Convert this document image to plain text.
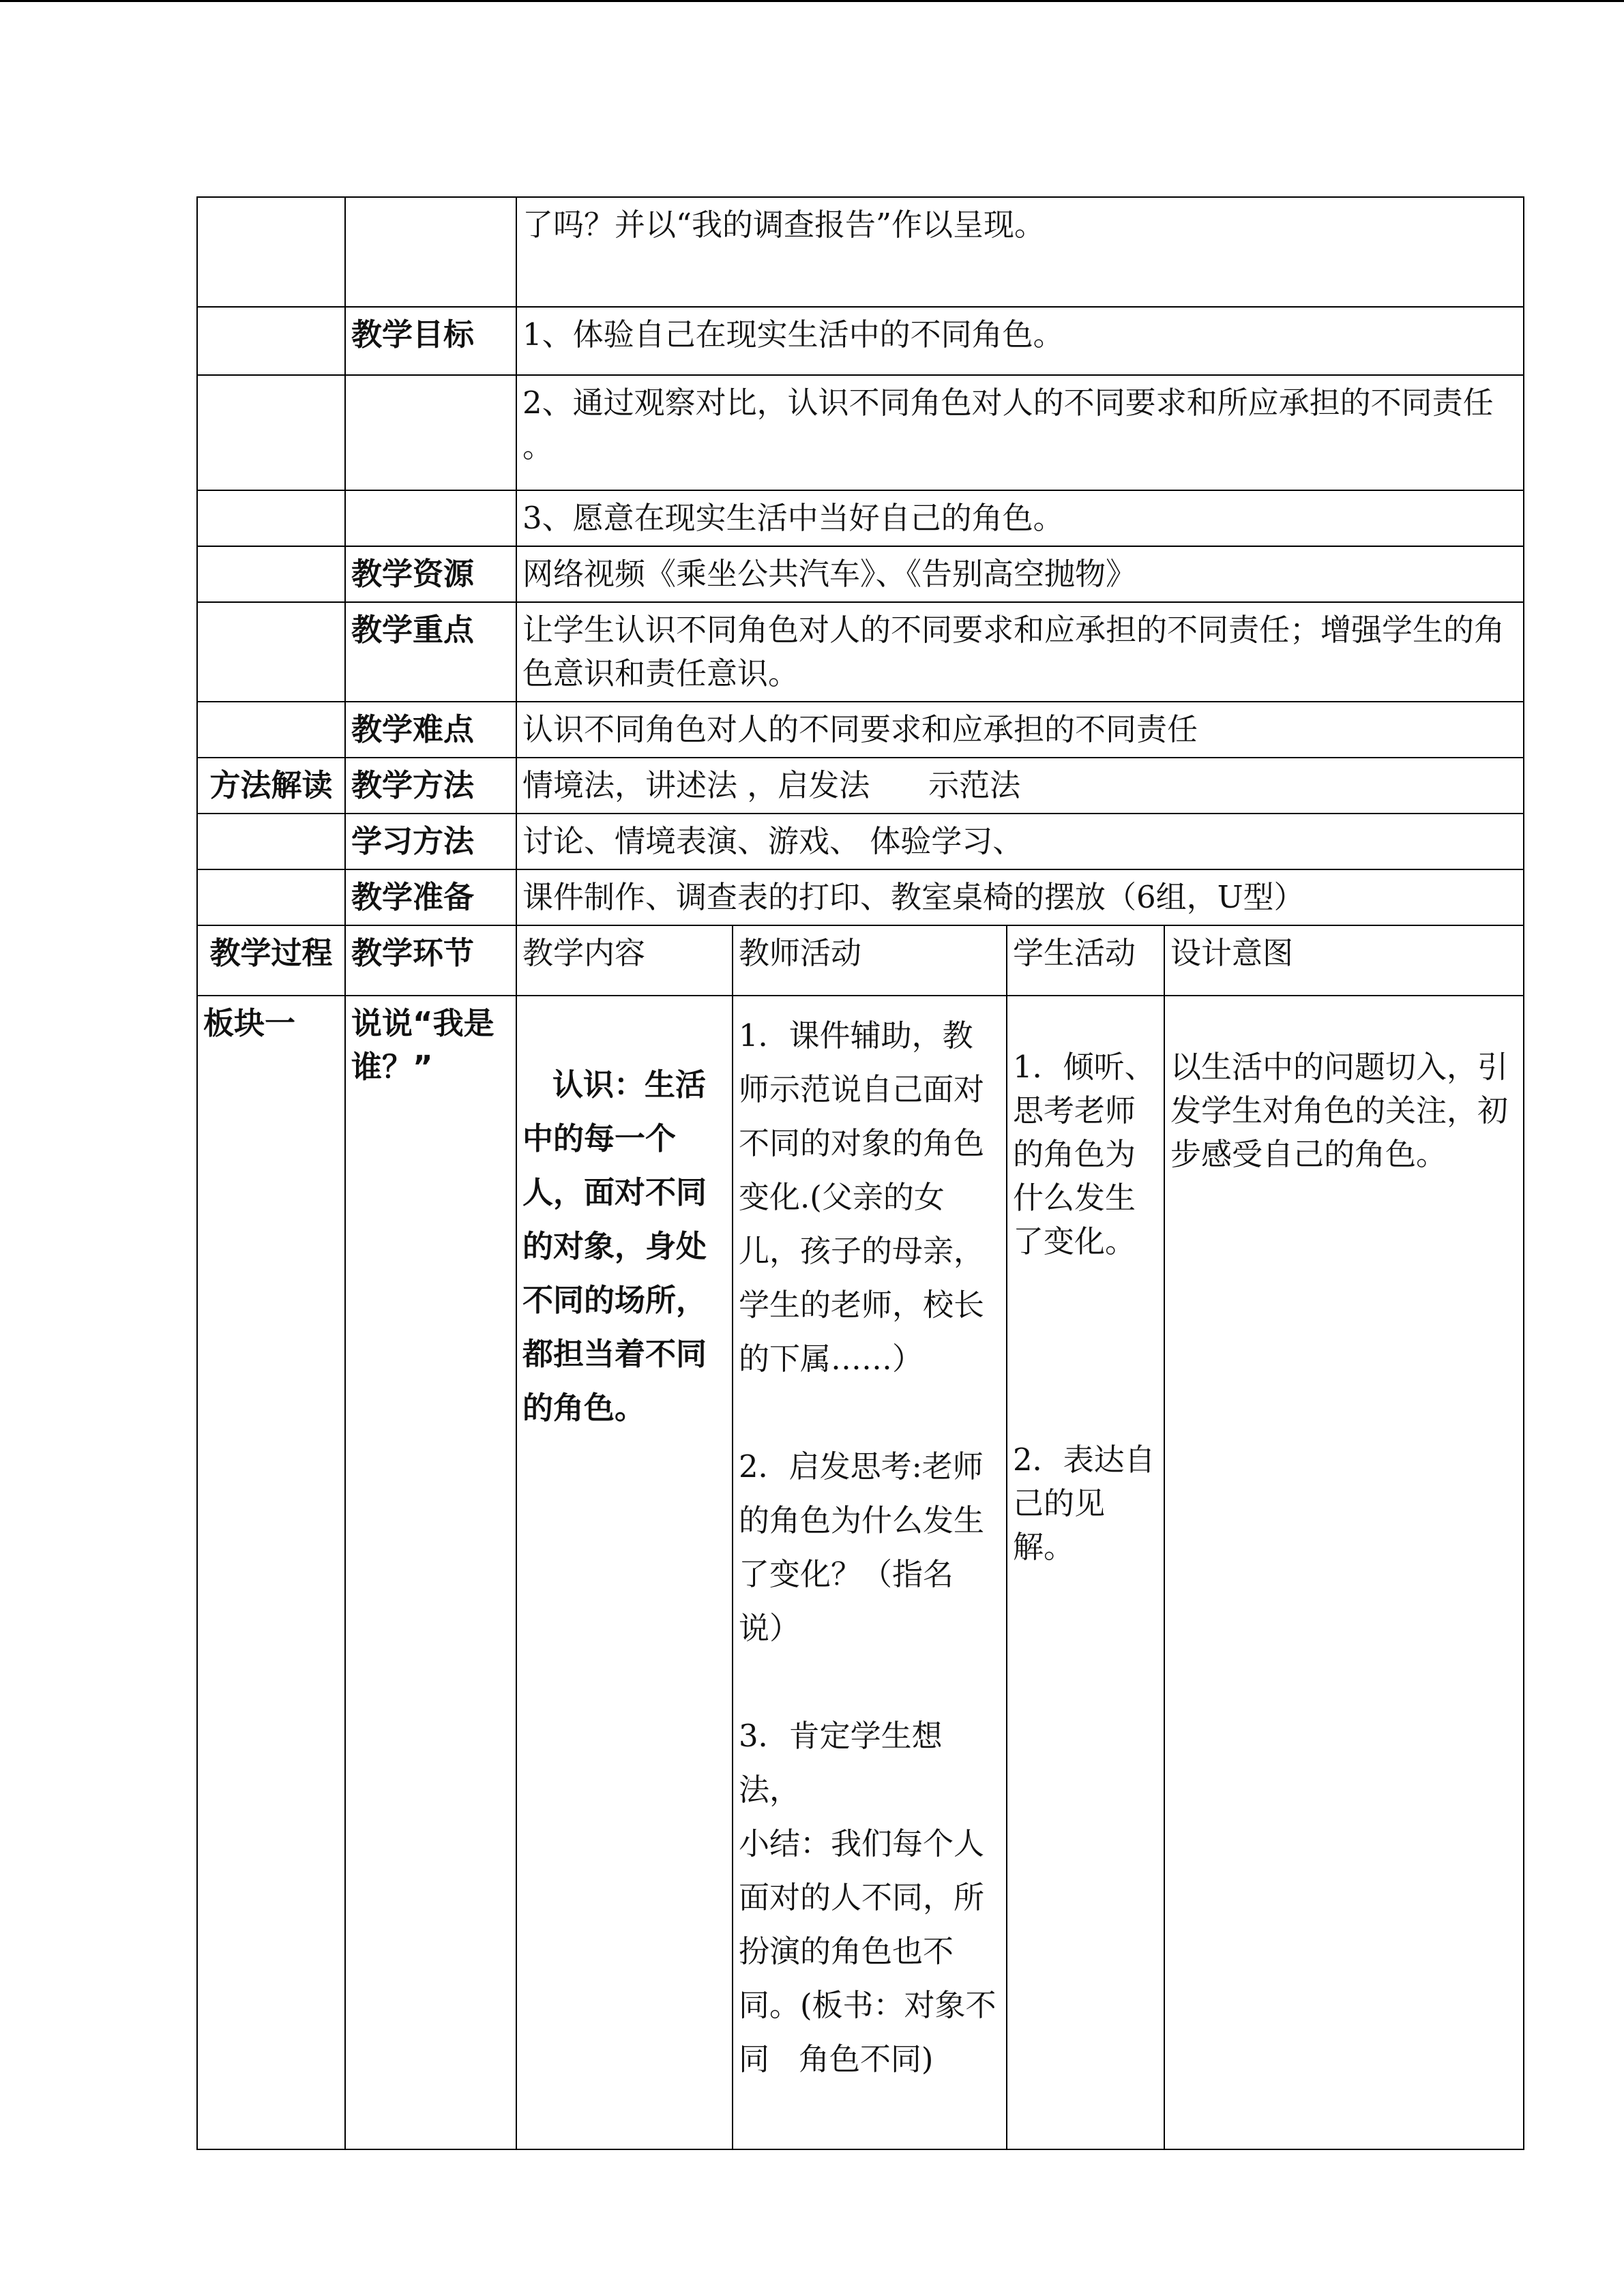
		了吗？并以“我的调查报告”作以呈现。			
	教学目标	1、体验自己在现实生活中的不同角色。			
		2、通过观察对比，认识不同角色对人的不同要求和所应承担的不同责任 。			
		3、愿意在现实生活中当好自己的角色。			
	教学资源	网络视频《乘坐公共汽车》、《告别高空抛物》			
	教学重点	让学生认识不同角色对人的不同要求和应承担的不同责任；增强学生的角色意识和责任意识。			
	教学难点	认识不同角色对人的不同要求和应承担的不同责任			
方法解读	教学方法	情境法，讲述法 ，启发法      示范法			
	学习方法	讨论、情境表演、游戏、 体验学习、			
	教学准备	课件制作、调查表的打印、教室桌椅的摆放（6组，U型）			
教学过程	教学环节	教学内容	教师活动	学生活动	设计意图
板块一	说说“我是谁？”	认识：生活中的每一个人，面对不同的对象，身处不同的场所，都担当着不同的角色。	1．课件辅助，教师示范说自己面对不同的对象的角色变化.(父亲的女儿，孩子的母亲，学生的老师，校长的下属……）

2．启发思考:老师的角色为什么发生了变化？（指名说）

3．肯定学生想法，
小结：我们每个人面对的人不同，所扮演的角色也不同。(板书：对象不同   角色不同)	1．倾听、思考老师的角色为什么发生了变化。

2．表达自己的见解。	以生活中的问题切入，引发学生对角色的关注，初步感受自己的角色。
